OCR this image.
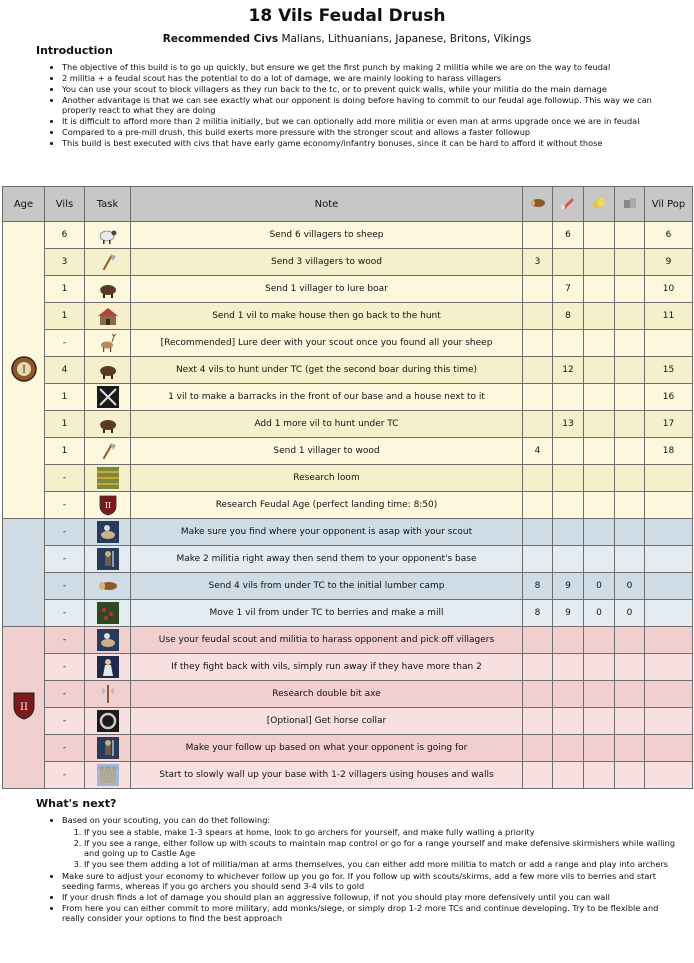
18 Vils Feudal Drush
Recommended Civs Malians, Lithuanians, Japanese, Britons, Vikings
Introduction
• The objective of this build is to go up quickly, but ensure we get the first punch by making 2 militia while we are on the way to feudal
• 2 militia + a feudal scout has the potential to do a lot of damage, we are mainly looking to harass villagers
• You can use your scout to block villagers as they run back to the tc, or to prevent quick walls, while your militia do the main damage
• Another advantage is that we can see exactly what our opponent is doing before having to commit to our feudal age followup. This way we can properly react to what they are doing
• It is difficult to afford more than 2 militia initially, but we can optionally add more militia or even man at arms upgrade once we are in feudal
• Compared to a pre-mill drush, this build exerts more pressure with the stronger scout and allows a faster followup
• This build is best executed with civs that have early game economy/infantry bonuses, since it can be hard to afford it without those
Age	Vils	Task	Note					Vil Pop

I	6		Send 6 villagers to sheep		6			6
	3		Send 3 villagers to wood	3				9
	1		Send 1 villager to lure boar		7			10
	1		Send 1 vil to make house then go back to the hunt		8			11
	-		[Recommended] Lure deer with your scout once you found all your sheep					
	4		Next 4 vils to hunt under TC (get the second boar during this time)		12			15
	1		1 vil to make a barracks in the front of our base and a house next to it					16
	1		Add 1 more vil to hunt under TC		13			17
	1		Send 1 villager to wood	4				18
	-		Research loom					
	-	II	Research Feudal Age (perfect landing time: 8:50)					
	-		Make sure you find where your opponent is asap with your scout					
	-		Make 2 militia right away then send them to your opponent's base					
	-		Send 4 vils from under TC to the initial lumber camp	8	9	0	0	
	-		Move 1 vil from under TC to berries and make a mill	8	9	0	0	

II	-		Use your feudal scout and militia to harass opponent and pick off villagers					
	-		If they fight back with vils, simply run away if they have more than 2					
	-		Research double bit axe					
	-		[Optional] Get horse collar					
	-		Make your follow up based on what your opponent is going for					
	-		Start to slowly wall up your base with 1-2 villagers using houses and walls					
What's next?
• Based on your scouting, you can do thet following:
1. If you see a stable, make 1-3 spears at home, look to go archers for yourself, and make fully walling a priority
2. If you see a range, either follow up with scouts to maintain map control or go for a range yourself and make defensive skirmishers while walling and going up to Castle Age
3. If you see them adding a lot of militia/man at arms themselves, you can either add more militia to match or add a range and play into archers
• Make sure to adjust your economy to whichever follow up you go for. If you follow up with scouts/skirms, add a few more vils to berries and start seeding farms, whereas if you go archers you should send 3-4 vils to gold
• If your drush finds a lot of damage you should plan an aggressive followup, if not you should play more defensively until you can wall
• From here you can either commit to more military, add monks/siege, or simply drop 1-2 more TCs and continue developing. Try to be flexible and really consider your options to find the best approach
